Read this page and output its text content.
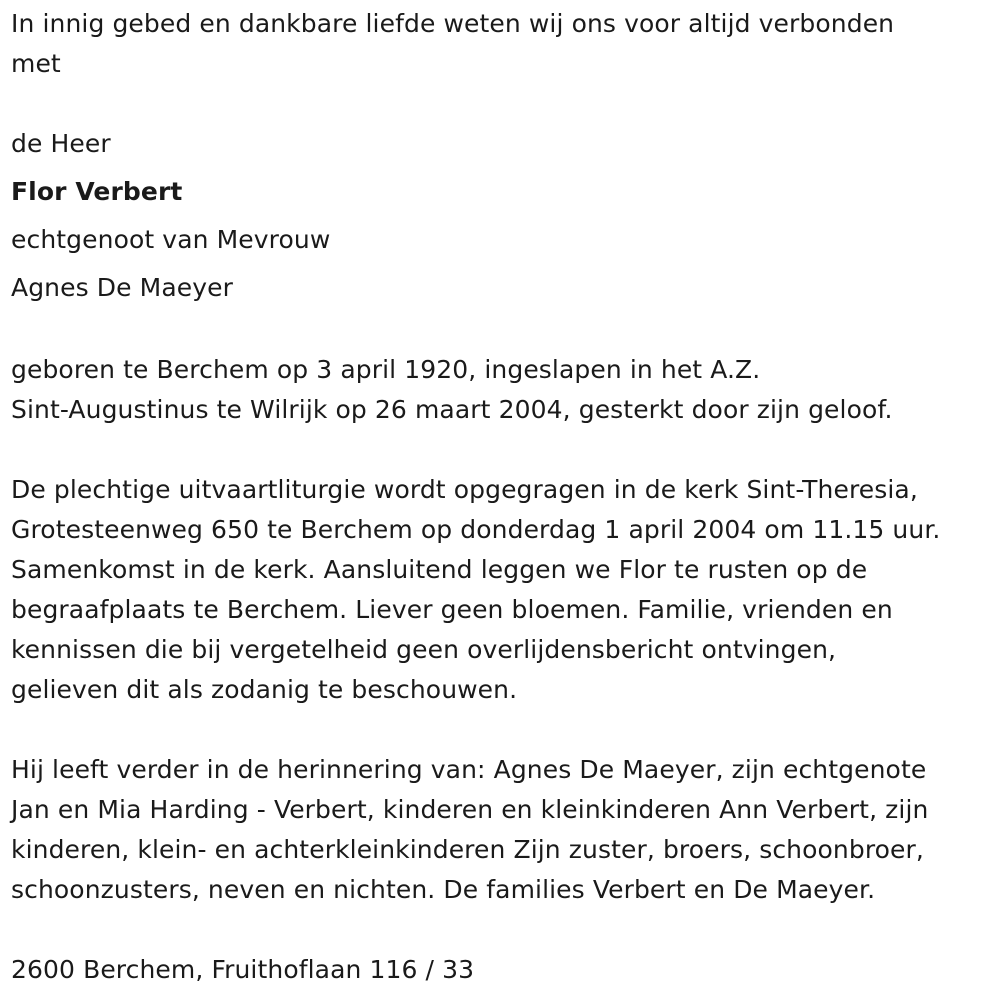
In innig gebed en dankbare liefde weten wij ons voor altijd verbonden
met
de Heer
Flor Verbert
echtgenoot van Mevrouw
Agnes De Maeyer
geboren te Berchem op 3 april 1920, ingeslapen in het A.Z.
Sint-Augustinus te Wilrijk op 26 maart 2004, gesterkt door zijn geloof.
De plechtige uitvaartliturgie wordt opgegragen in de kerk Sint-Theresia,
Grotesteenweg 650 te Berchem op donderdag 1 april 2004 om 11.15 uur.
Samenkomst in de kerk. Aansluitend leggen we Flor te rusten op de
begraafplaats te Berchem. Liever geen bloemen. Familie, vrienden en
kennissen die bij vergetelheid geen overlijdensbericht ontvingen,
gelieven dit als zodanig te beschouwen.
Hij leeft verder in de herinnering van: Agnes De Maeyer, zijn echtgenote
Jan en Mia Harding - Verbert, kinderen en kleinkinderen Ann Verbert, zijn
kinderen, klein- en achterkleinkinderen Zijn zuster, broers, schoonbroer,
schoonzusters, neven en nichten. De families Verbert en De Maeyer.
2600 Berchem, Fruithoflaan 116 / 33
